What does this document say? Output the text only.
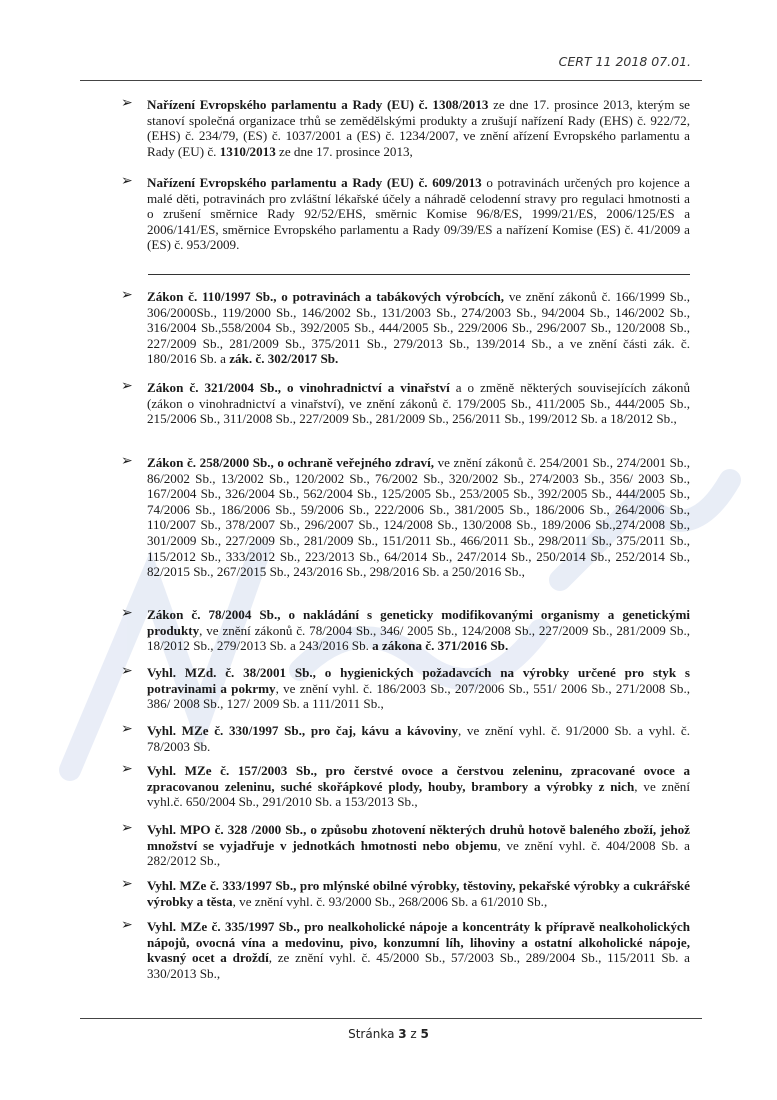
CERT 11 2018 07.01.
➢ Nařízení Evropského parlamentu a Rady (EU) č. 1308/2013 ze dne 17. prosince 2013, kterým se stanoví společná organizace trhů se zemědělskými produkty a zrušují nařízení Rady (EHS) č. 922/72, (EHS) č. 234/79, (ES) č. 1037/2001 a (ES) č. 1234/2007, ve znění ařízení Evropského parlamentu a Rady (EU) č. 1310/2013 ze dne 17. prosince 2013,
➢ Nařízení Evropského parlamentu a Rady (EU) č. 609/2013 o potravinách určených pro kojence a malé děti, potravinách pro zvláštní lékařské účely a náhradě celodenní stravy pro regulaci hmotnosti a o zrušení směrnice Rady 92/52/EHS, směrnic Komise 96/8/ES, 1999/21/ES, 2006/125/ES a 2006/141/ES, směrnice Evropského parlamentu a Rady 09/39/ES a nařízení Komise (ES) č. 41/2009 a (ES) č. 953/2009.
➢ Zákon č. 110/1997 Sb., o potravinách a tabákových výrobcích, ve znění zákonů č. 166/1999 Sb., 306/2000Sb., 119/2000 Sb., 146/2002 Sb., 131/2003 Sb., 274/2003 Sb., 94/2004 Sb., 146/2002 Sb., 316/2004 Sb.,558/2004 Sb., 392/2005 Sb., 444/2005 Sb., 229/2006 Sb., 296/2007 Sb., 120/2008 Sb., 227/2009 Sb., 281/2009 Sb., 375/2011 Sb., 279/2013 Sb., 139/2014 Sb., a ve znění části zák. č. 180/2016 Sb. a zák. č. 302/2017 Sb.
➢ Zákon č. 321/2004 Sb., o vinohradnictví a vinařství a o změně některých souvisejících zákonů (zákon o vinohradnictví a vinařství), ve znění zákonů č. 179/2005 Sb., 411/2005 Sb., 444/2005 Sb., 215/2006 Sb., 311/2008 Sb., 227/2009 Sb., 281/2009 Sb., 256/2011 Sb., 199/2012 Sb. a 18/2012 Sb.,
➢ Zákon č. 258/2000 Sb., o ochraně veřejného zdraví, ve znění zákonů č. 254/2001 Sb., 274/2001 Sb., 86/2002 Sb., 13/2002 Sb., 120/2002 Sb., 76/2002 Sb., 320/2002 Sb., 274/2003 Sb., 356/ 2003 Sb., 167/2004 Sb., 326/2004 Sb., 562/2004 Sb., 125/2005 Sb., 253/2005 Sb., 392/2005 Sb., 444/2005 Sb., 74/2006 Sb., 186/2006 Sb., 59/2006 Sb., 222/2006 Sb., 381/2005 Sb., 186/2006 Sb., 264/2006 Sb., 110/2007 Sb., 378/2007 Sb., 296/2007 Sb., 124/2008 Sb., 130/2008 Sb., 189/2006 Sb.,274/2008 Sb., 301/2009 Sb., 227/2009 Sb., 281/2009 Sb., 151/2011 Sb., 466/2011 Sb., 298/2011 Sb., 375/2011 Sb., 115/2012 Sb., 333/2012 Sb., 223/2013 Sb., 64/2014 Sb., 247/2014 Sb., 250/2014 Sb., 252/2014 Sb., 82/2015 Sb., 267/2015 Sb., 243/2016 Sb., 298/2016 Sb. a 250/2016 Sb.,
➢ Zákon č. 78/2004 Sb., o nakládání s geneticky modifikovanými organismy a genetickými produkty, ve znění zákonů č. 78/2004 Sb., 346/ 2005 Sb., 124/2008 Sb., 227/2009 Sb., 281/2009 Sb., 18/2012 Sb., 279/2013 Sb. a 243/2016 Sb. a zákona č. 371/2016 Sb.
➢ Vyhl. MZd. č. 38/2001 Sb., o hygienických požadavcích na výrobky určené pro styk s potravinami a pokrmy, ve znění vyhl. č. 186/2003 Sb., 207/2006 Sb., 551/ 2006 Sb., 271/2008 Sb., 386/ 2008 Sb., 127/ 2009 Sb. a 111/2011 Sb.,
➢ Vyhl. MZe č. 330/1997 Sb., pro čaj, kávu a kávoviny, ve znění vyhl. č. 91/2000 Sb. a vyhl. č. 78/2003 Sb.
➢ Vyhl. MZe č. 157/2003 Sb., pro čerstvé ovoce a čerstvou zeleninu, zpracované ovoce a zpracovanou zeleninu, suché skořápkové plody, houby, brambory a výrobky z nich, ve znění vyhl.č. 650/2004 Sb., 291/2010 Sb. a 153/2013 Sb.,
➢ Vyhl. MPO č. 328 /2000 Sb., o způsobu zhotovení některých druhů hotově baleného zboží, jehož množství se vyjadřuje v jednotkách hmotnosti nebo objemu, ve znění vyhl. č. 404/2008 Sb. a 282/2012 Sb.,
➢ Vyhl. MZe č. 333/1997 Sb., pro mlýnské obilné výrobky, těstoviny, pekařské výrobky a cukrářské výrobky a těsta, ve znění vyhl. č. 93/2000 Sb., 268/2006 Sb. a 61/2010 Sb.,
➢ Vyhl. MZe č. 335/1997 Sb., pro nealkoholické nápoje a koncentráty k přípravě nealkoholických nápojů, ovocná vína a medovinu, pivo, konzumní líh, lihoviny a ostatní alkoholické nápoje, kvasný ocet a droždí, ze znění vyhl. č. 45/2000 Sb., 57/2003 Sb., 289/2004 Sb., 115/2011 Sb. a 330/2013 Sb.,
Stránka 3 z 5
